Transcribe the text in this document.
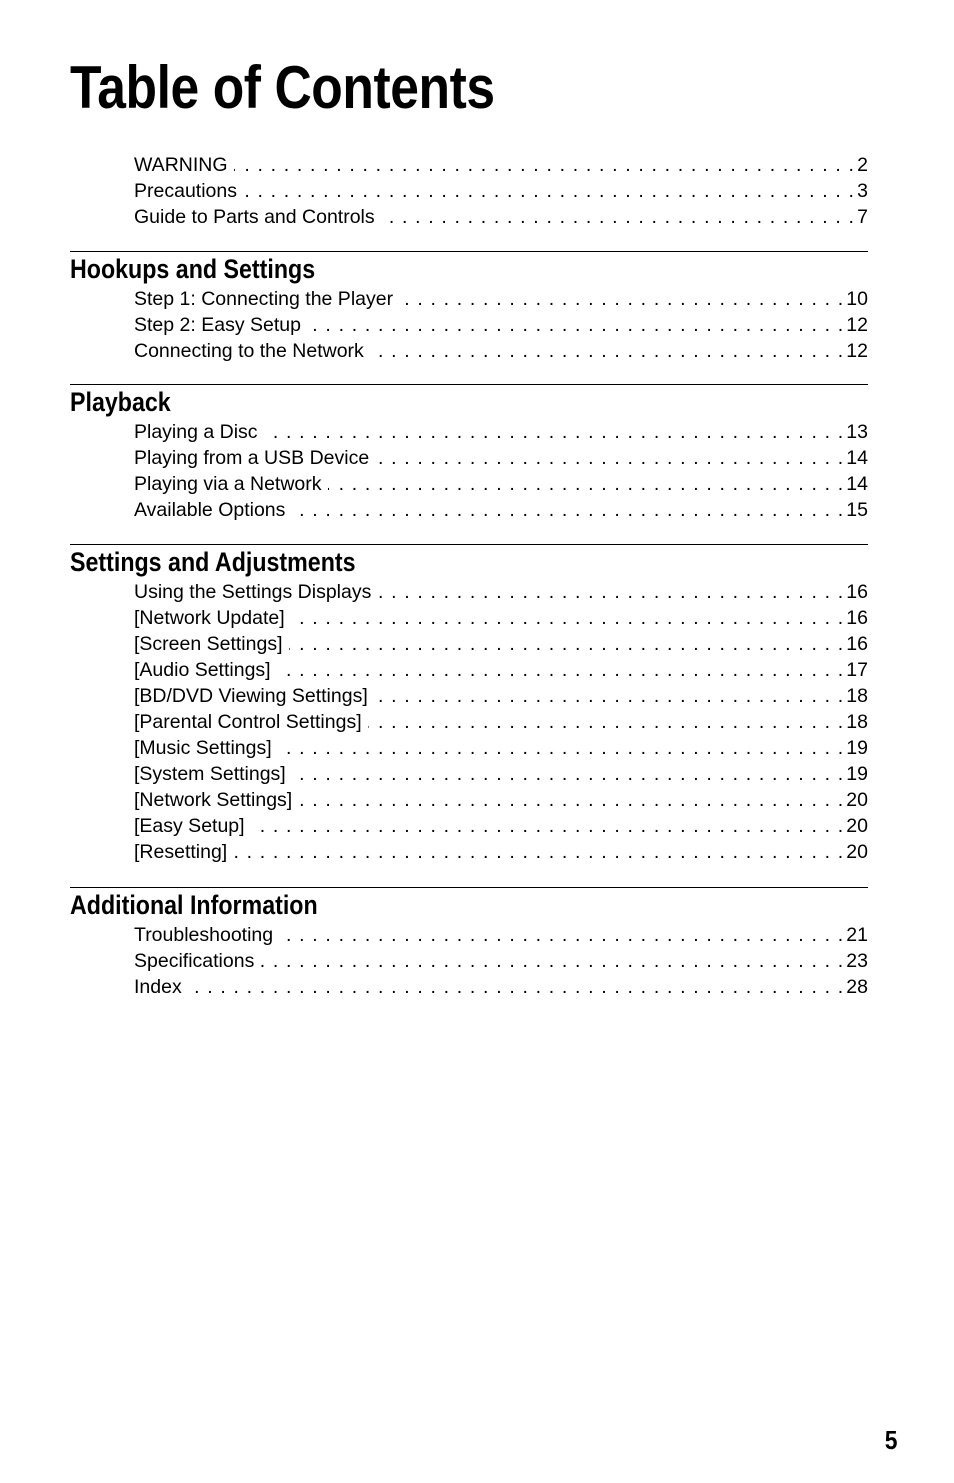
Table of Contents
WARNING . . .	2
Precautions . . .	3
Guide to Parts and Controls . . .	7
Hookups and Settings
Step 1: Connecting the Player . . .	10
Step 2: Easy Setup . . .	12
Connecting to the Network . . .	12
Playback
Playing a Disc . . .	13
Playing from a USB Device . . .	14
Playing via a Network . . .	14
Available Options . . .	15
Settings and Adjustments
Using the Settings Displays . . .	16
[Network Update] . . .	16
[Screen Settings] . . .	16
[Audio Settings] . . .	17
[BD/DVD Viewing Settings] . . .	18
[Parental Control Settings] . . .	18
[Music Settings] . . .	19
[System Settings] . . .	19
[Network Settings] . . .	20
[Easy Setup] . . .	20
[Resetting] . . .	20
Additional Information
Troubleshooting . . .	21
Specifications . . .	23
Index . . .	28
5
